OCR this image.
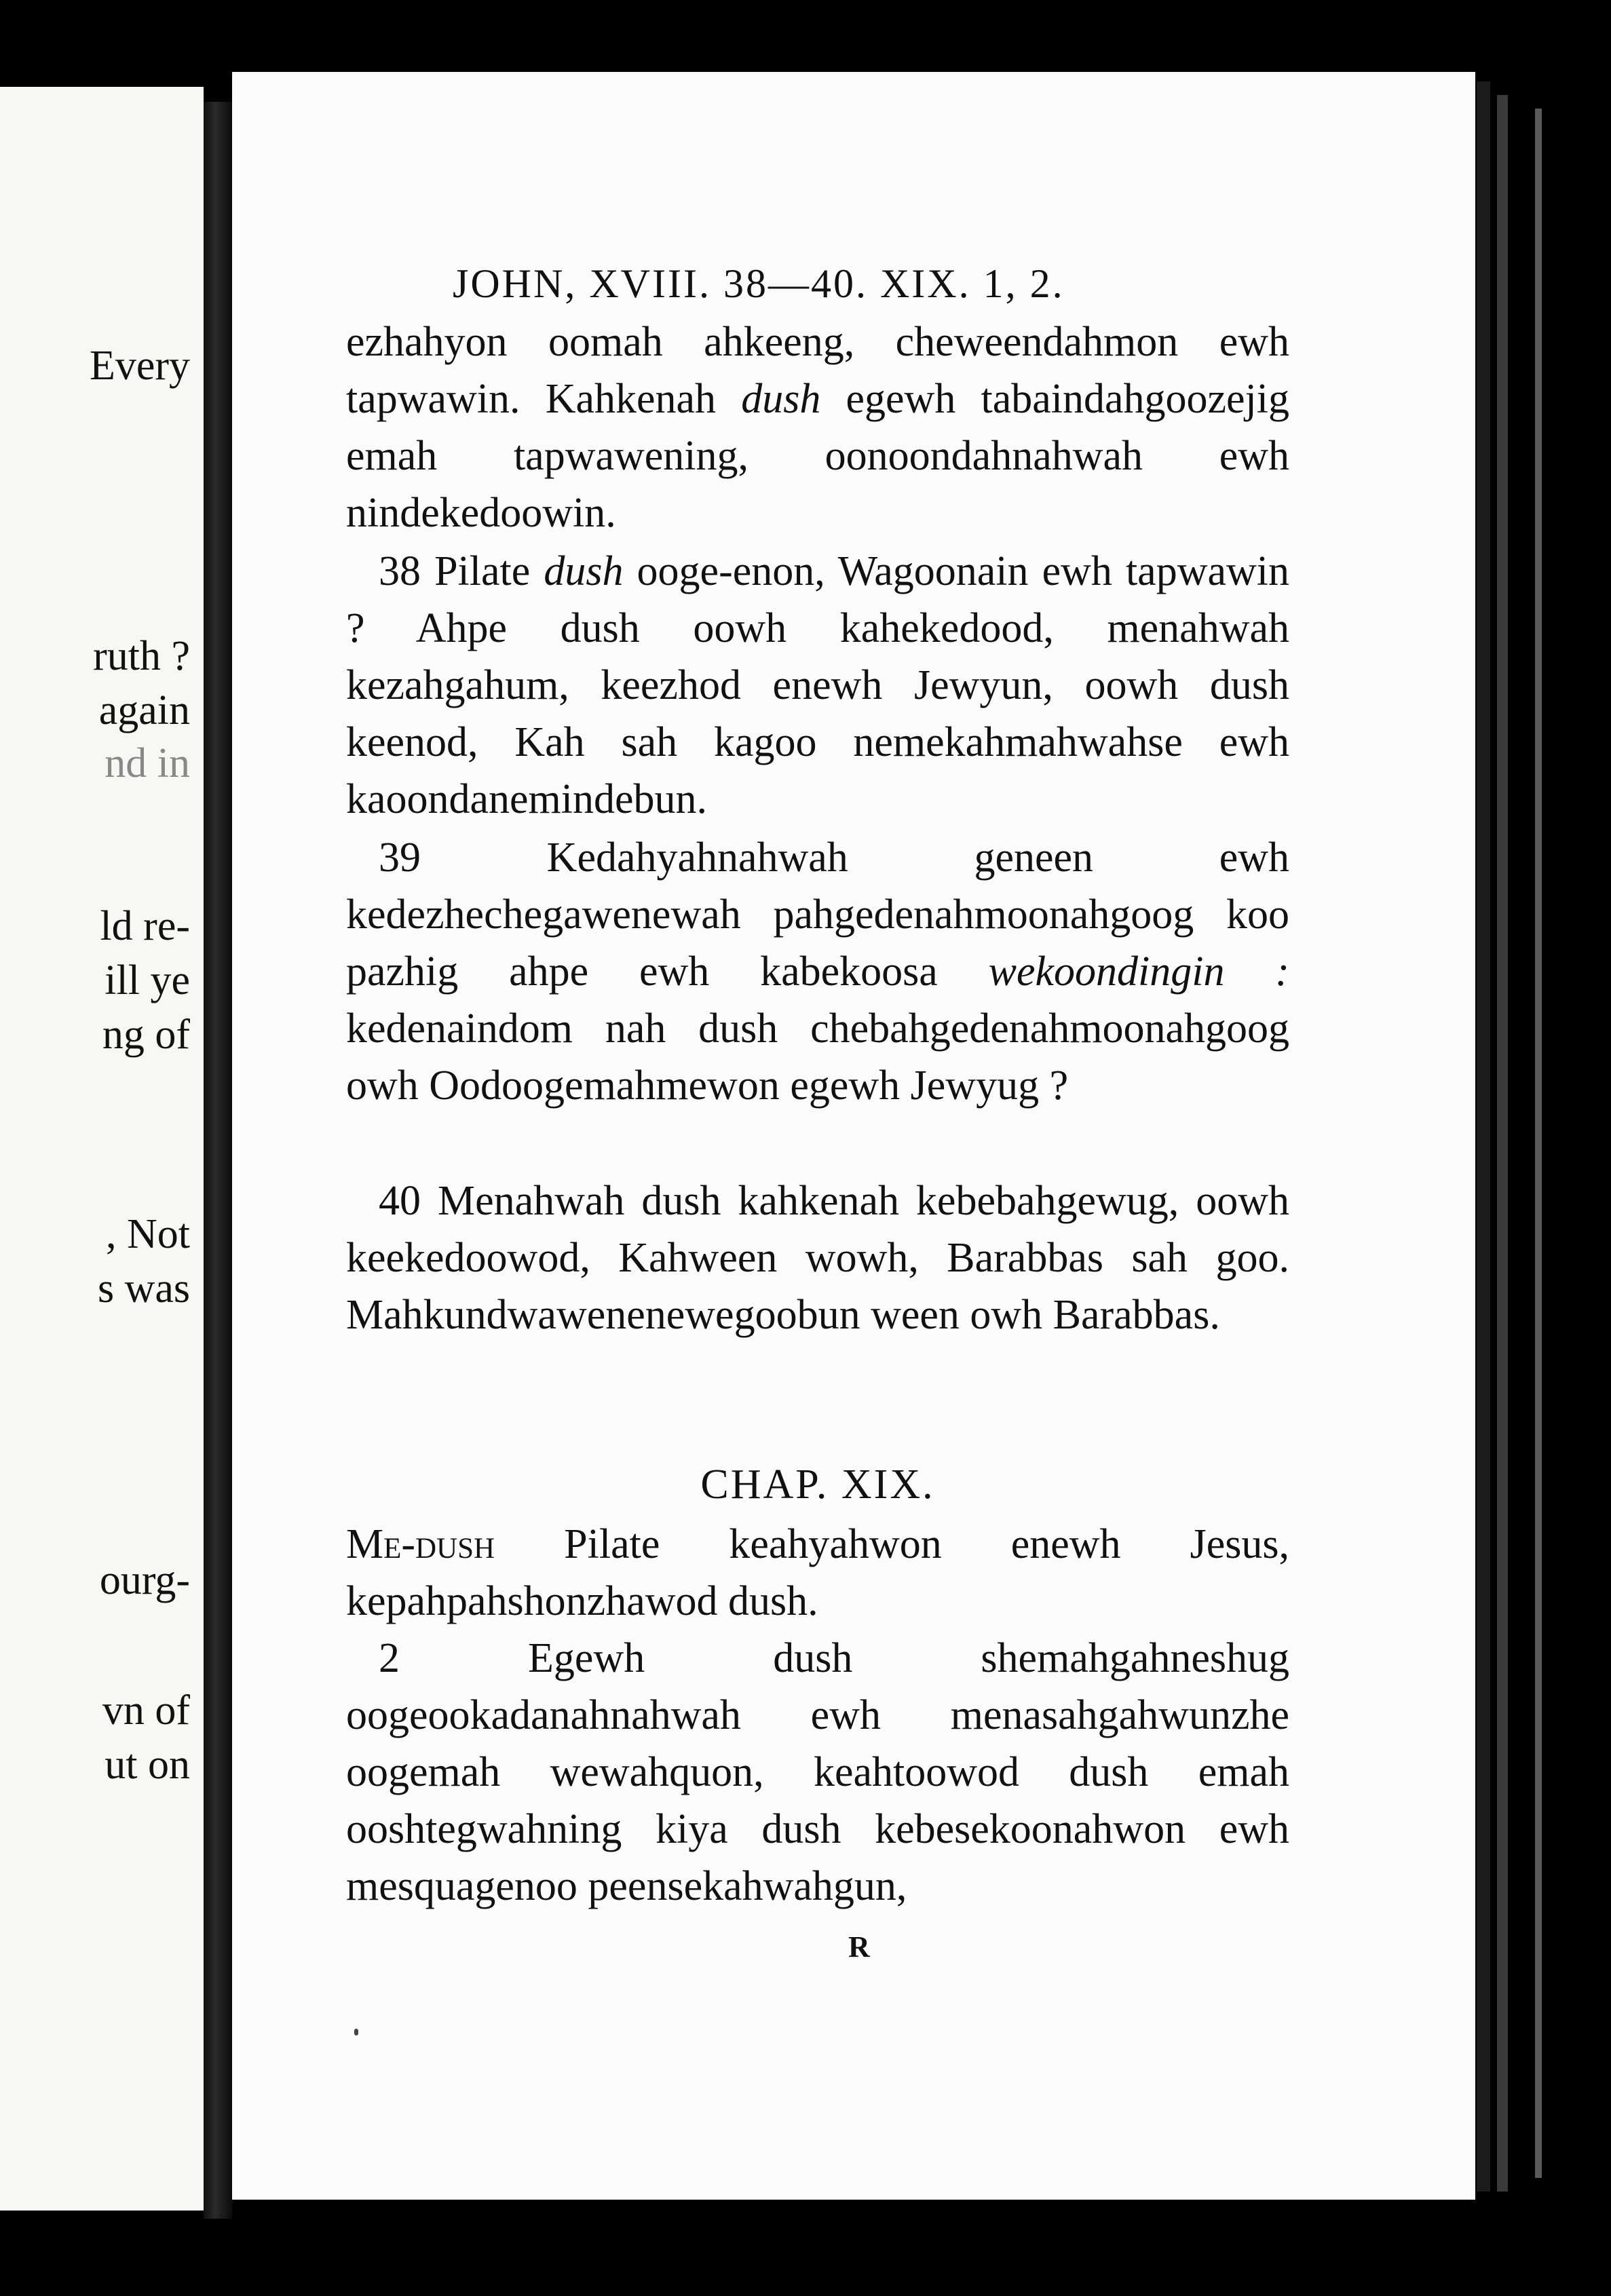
Every
ruth ?
again
nd in
ld re-
ill ye
ng of
, Not
s was
ourg-
vn of
ut on
JOHN, XVIII. 38—40. XIX. 1, 2.
ezhahyon oomah ahkeeng, cheweendahmon ewh tapwawin. Kahkenah dush egewh tabaindahgoozejig emah tapwawening, oonoondahnahwah ewh nindekedoowin.
38 Pilate dush ooge-enon, Wagoonain ewh tapwawin ? Ahpe dush oowh kahekedood, menahwah kezahgahum, keezhod enewh Jewyun, oowh dush keenod, Kah sah kagoo nemekahmahwahse ewh kaoondanemindebun.
39 Kedahyahnahwah geneen ewh kedezhechegawenewah pahgedenahmoonahgoog koo pazhig ahpe ewh kabekoosa wekoondingin : kedenaindom nah dush chebahgedenahmoonahgoog owh Oodoogemahmewon egewh Jewyug ?
40 Menahwah dush kahkenah kebebahgewug, oowh keekedoowod, Kahween wowh, Barabbas sah goo. Mahkundwawenenewegoobun ween owh Barabbas.
CHAP. XIX.
Me-dush Pilate keahyahwon enewh Jesus, kepahpahshonzhawod dush.
2 Egewh dush shemahgahneshug oogeookadanahnahwah ewh menasahgahwunzhe oogemah wewahquon, keahtoowod dush emah ooshtegwahning kiya dush kebesekoonahwon ewh mesquagenoo peensekahwahgun,
R
